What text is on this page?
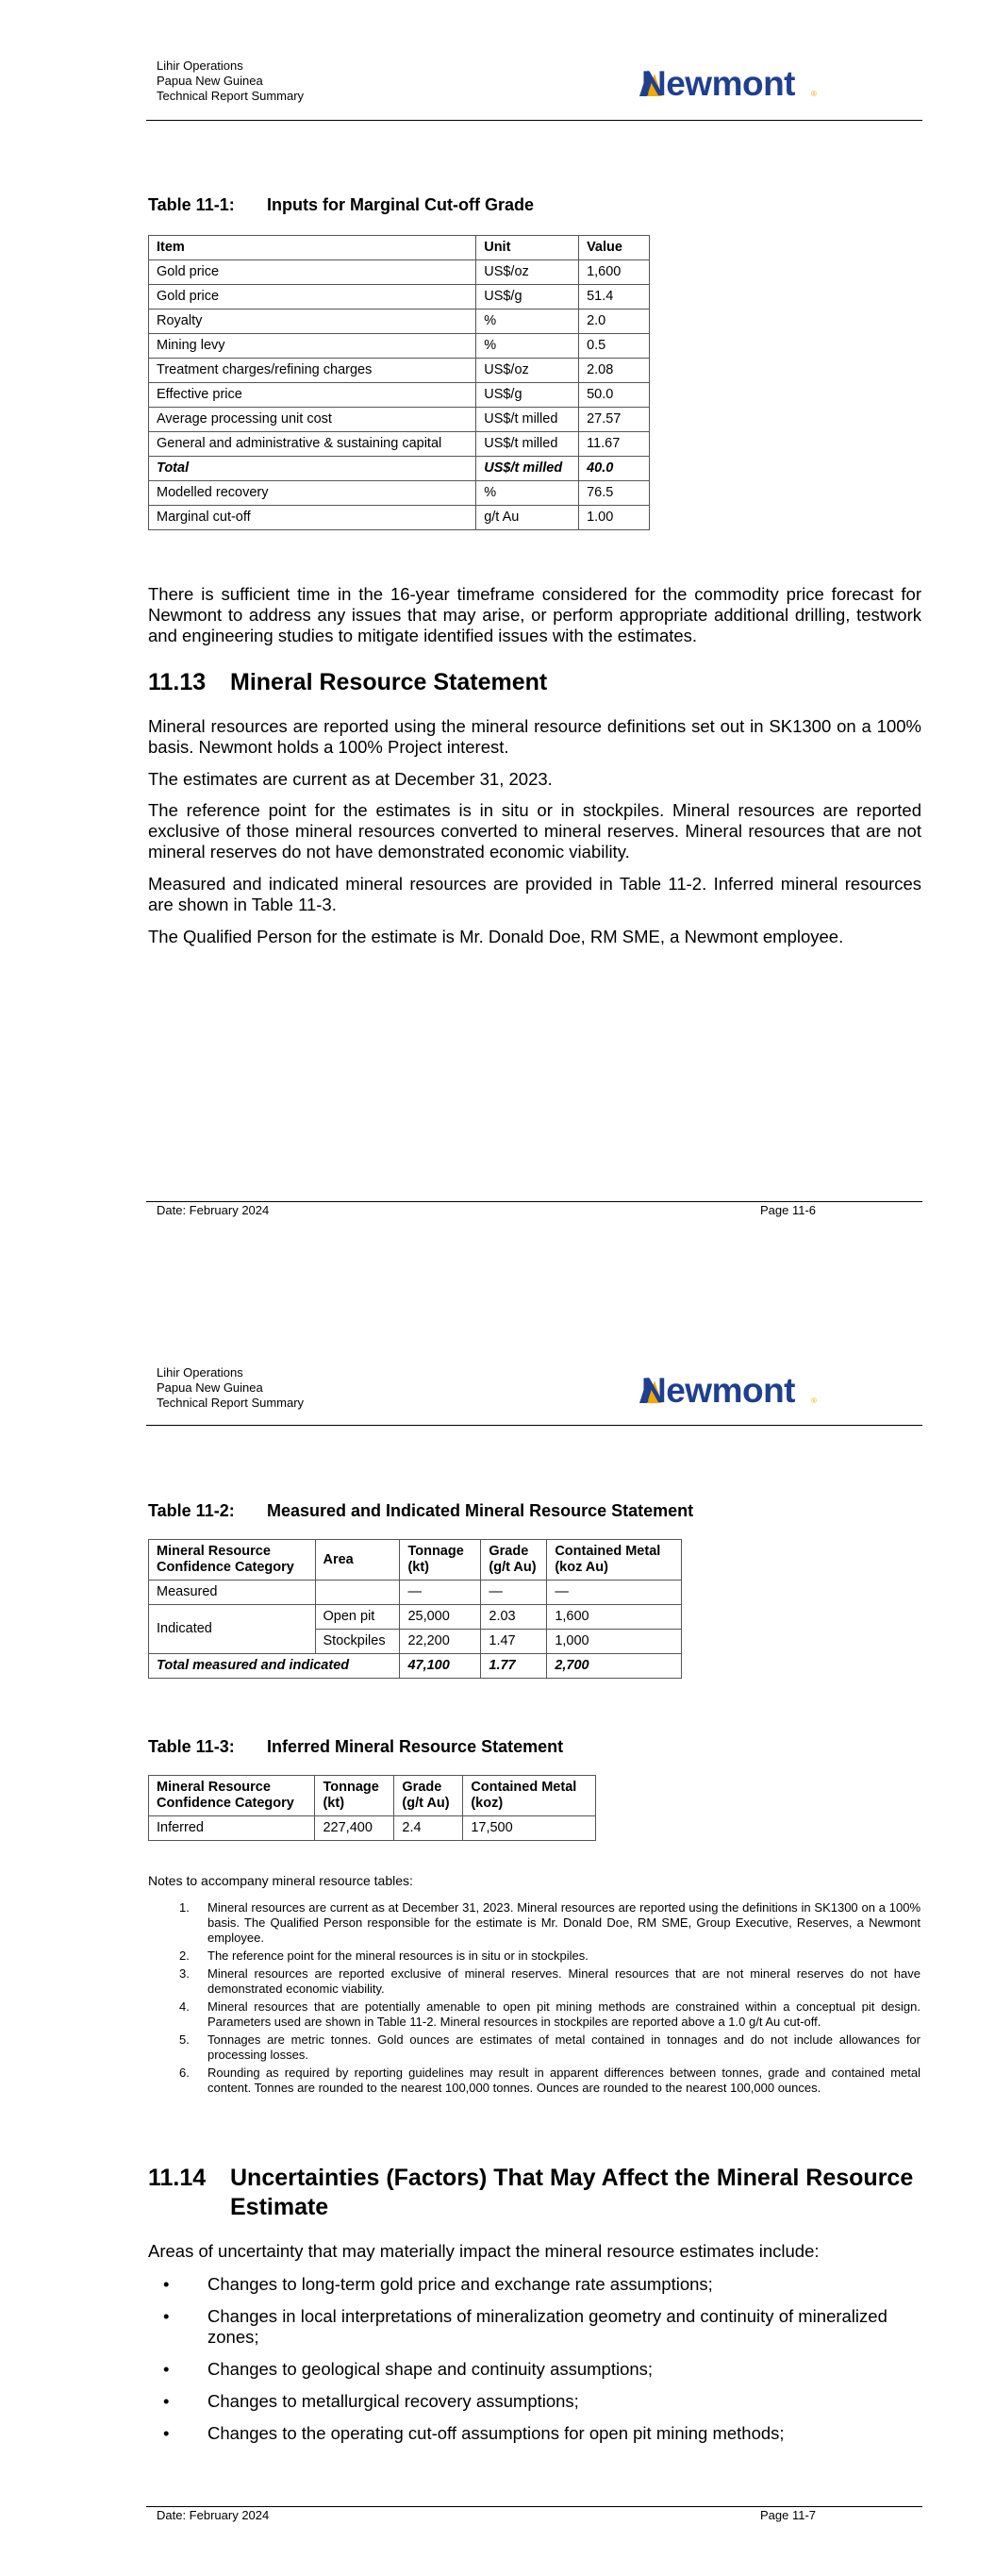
Lihir Operations
Papua New Guinea
Technical Report Summary	Newmont ®
Table 11-1: Inputs for Marginal Cut-off Grade
Item	Unit	Value
Gold price	US$/oz	1,600
Gold price	US$/g	51.4
Royalty	%	2.0
Mining levy	%	0.5
Treatment charges/refining charges	US$/oz	2.08
Effective price	US$/g	50.0
Average processing unit cost	US$/t milled	27.57
General and administrative & sustaining capital	US$/t milled	11.67
Total	US$/t milled	40.0
Modelled recovery	%	76.5
Marginal cut-off	g/t Au	1.00
There is sufficient time in the 16-year timeframe considered for the commodity price forecast for Newmont to address any issues that may arise, or perform appropriate additional drilling, testwork and engineering studies to mitigate identified issues with the estimates.
11.13 Mineral Resource Statement
Mineral resources are reported using the mineral resource definitions set out in SK1300 on a 100% basis. Newmont holds a 100% Project interest.
The estimates are current as at December 31, 2023.
The reference point for the estimates is in situ or in stockpiles. Mineral resources are reported exclusive of those mineral resources converted to mineral reserves. Mineral resources that are not mineral reserves do not have demonstrated economic viability.
Measured and indicated mineral resources are provided in Table 11-2. Inferred mineral resources are shown in Table 11-3.
The Qualified Person for the estimate is Mr. Donald Doe, RM SME, a Newmont employee.
Date: February 2024	Page 11-6
Lihir Operations
Papua New Guinea
Technical Report Summary	Newmont ®
Table 11-2: Measured and Indicated Mineral Resource Statement
Mineral Resource Confidence Category	Area	Tonnage (kt)	Grade (g/t Au)	Contained Metal (koz Au)
Measured		—	—	—
Indicated	Open pit	25,000	2.03	1,600
	Stockpiles	22,200	1.47	1,000
Total measured and indicated		47,100	1.77	2,700
Table 11-3: Inferred Mineral Resource Statement
Mineral Resource Confidence Category	Tonnage (kt)	Grade (g/t Au)	Contained Metal (koz)
Inferred	227,400	2.4	17,500
Notes to accompany mineral resource tables:
1. Mineral resources are current as at December 31, 2023. Mineral resources are reported using the definitions in SK1300 on a 100% basis. The Qualified Person responsible for the estimate is Mr. Donald Doe, RM SME, Group Executive, Reserves, a Newmont employee.
2. The reference point for the mineral resources is in situ or in stockpiles.
3. Mineral resources are reported exclusive of mineral reserves. Mineral resources that are not mineral reserves do not have demonstrated economic viability.
4. Mineral resources that are potentially amenable to open pit mining methods are constrained within a conceptual pit design. Parameters used are shown in Table 11-2. Mineral resources in stockpiles are reported above a 1.0 g/t Au cut-off.
5. Tonnages are metric tonnes. Gold ounces are estimates of metal contained in tonnages and do not include allowances for processing losses.
6. Rounding as required by reporting guidelines may result in apparent differences between tonnes, grade and contained metal content. Tonnes are rounded to the nearest 100,000 tonnes. Ounces are rounded to the nearest 100,000 ounces.
11.14 Uncertainties (Factors) That May Affect the Mineral Resource Estimate
Areas of uncertainty that may materially impact the mineral resource estimates include:
• Changes to long-term gold price and exchange rate assumptions;
• Changes in local interpretations of mineralization geometry and continuity of mineralized zones;
• Changes to geological shape and continuity assumptions;
• Changes to metallurgical recovery assumptions;
• Changes to the operating cut-off assumptions for open pit mining methods;
Date: February 2024	Page 11-7
